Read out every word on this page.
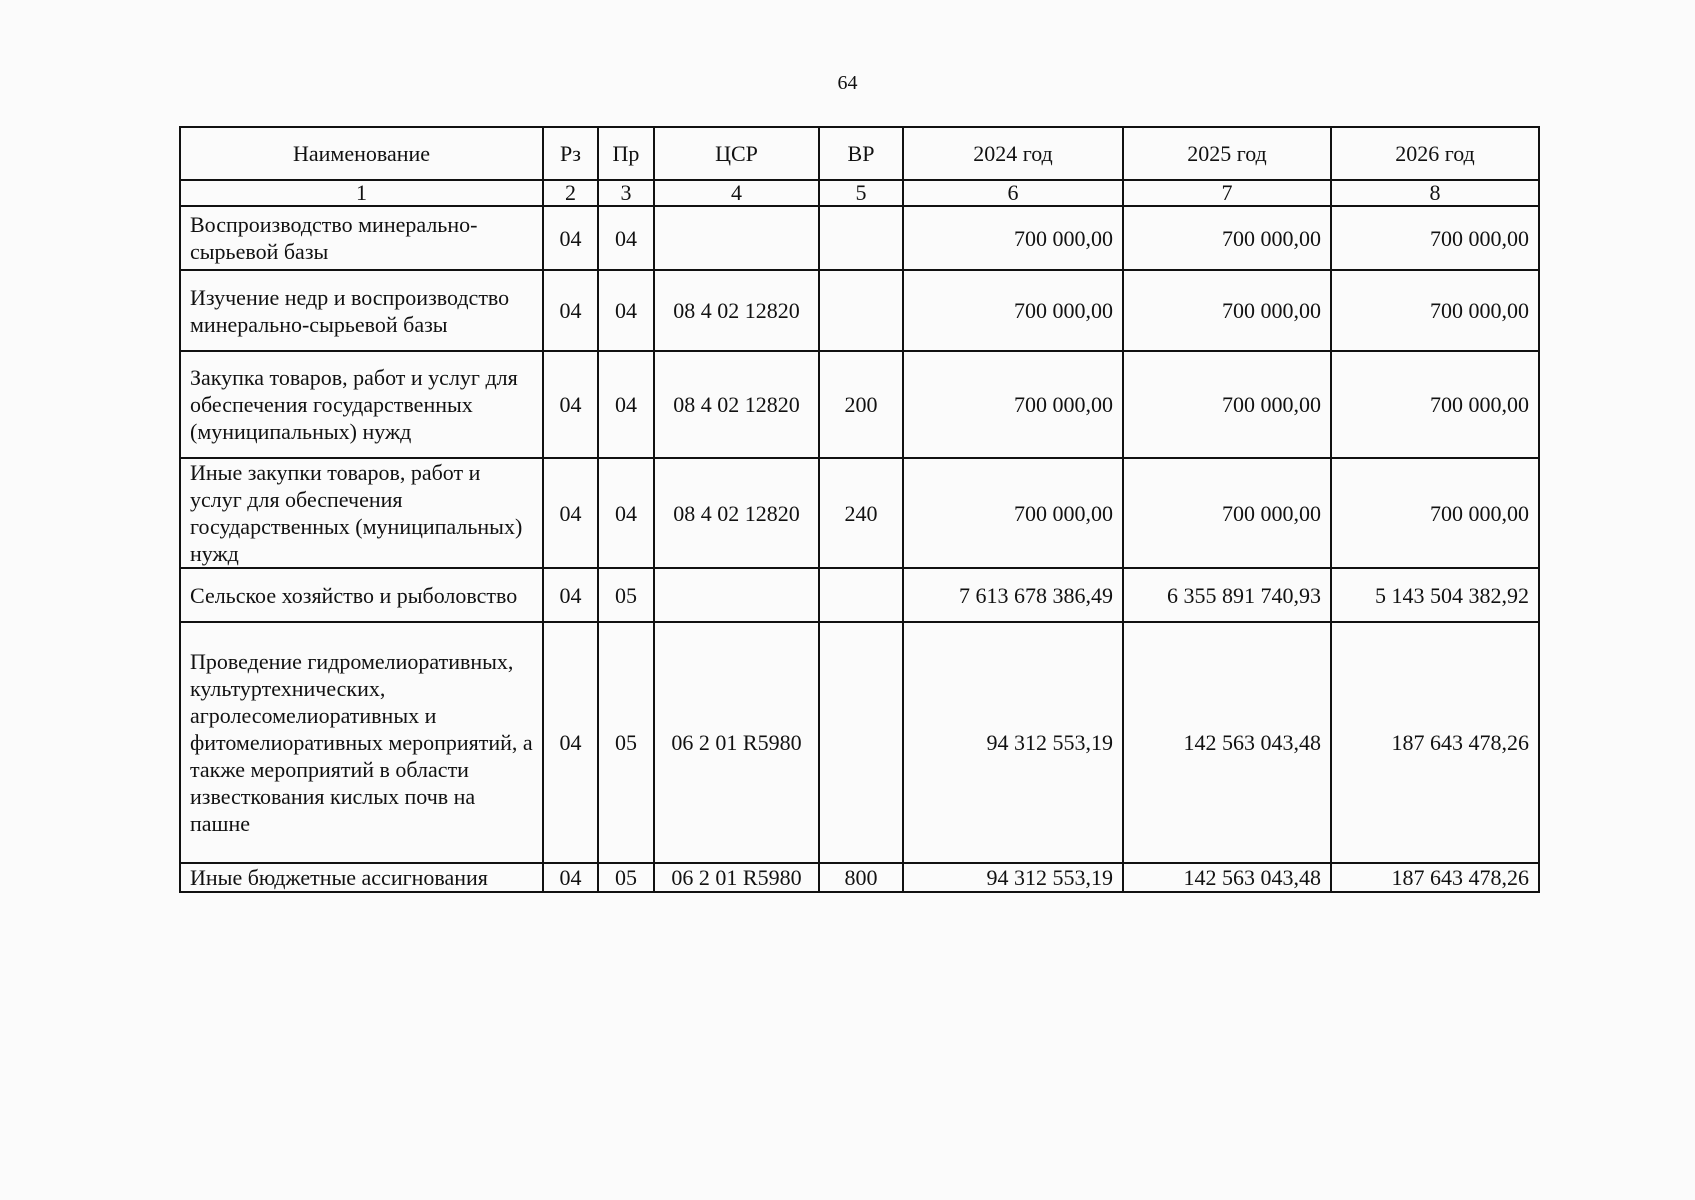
64
Наименование	Рз	Пр	ЦСР	ВР	2024 год	2025 год	2026 год
1	2	3	4	5	6	7	8
Воспроизводство минерально-сырьевой базы	04	04			700 000,00	700 000,00	700 000,00
Изучение недр и воспроизводство минерально-сырьевой базы	04	04	08 4 02 12820		700 000,00	700 000,00	700 000,00
Закупка товаров, работ и услуг для обеспечения государственных (муниципальных) нужд	04	04	08 4 02 12820	200	700 000,00	700 000,00	700 000,00
Иные закупки товаров, работ и услуг для обеспечения государственных (муниципальных) нужд	04	04	08 4 02 12820	240	700 000,00	700 000,00	700 000,00
Сельское хозяйство и рыболовство	04	05			7 613 678 386,49	6 355 891 740,93	5 143 504 382,92
Проведение гидромелиоративных, культуртехнических, агролесомелиоративных и фитомелиоративных мероприятий, а также мероприятий в области известкования кислых почв на пашне	04	05	06 2 01 R5980		94 312 553,19	142 563 043,48	187 643 478,26
Иные бюджетные ассигнования	04	05	06 2 01 R5980	800	94 312 553,19	142 563 043,48	187 643 478,26
